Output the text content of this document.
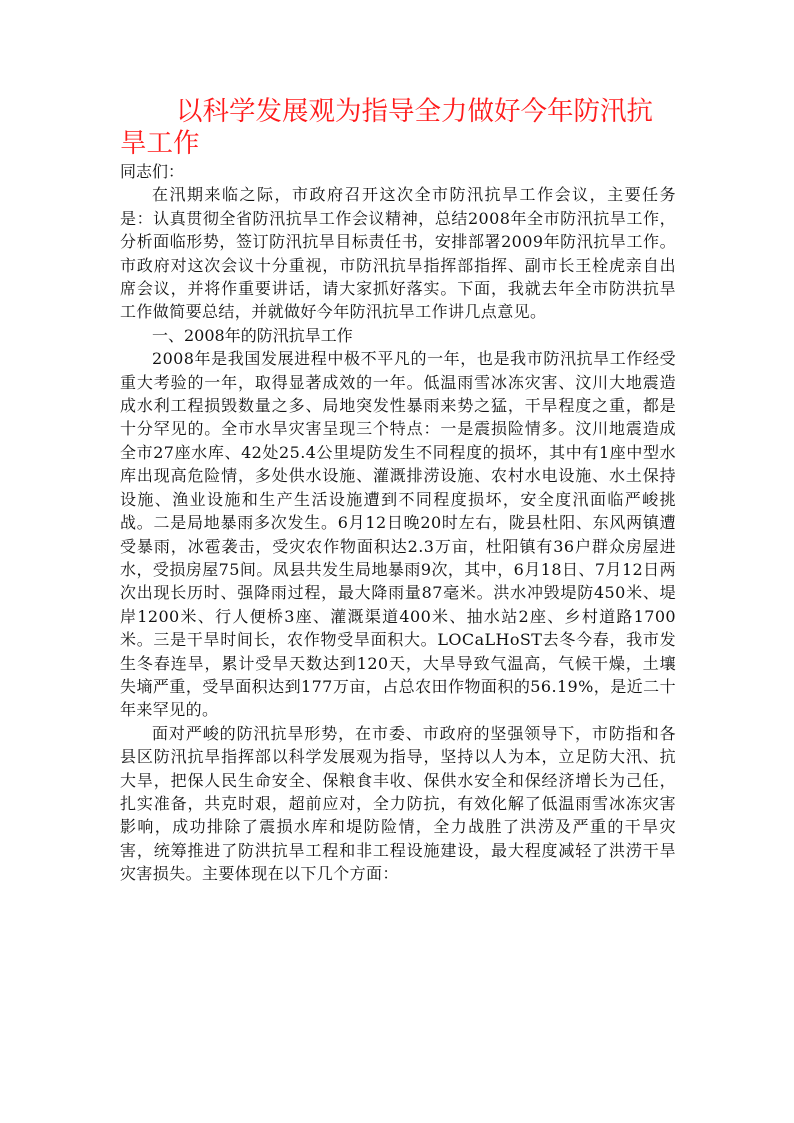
以科学发展观为指导全力做好今年防汛抗旱工作

同志们：

在汛期来临之际，市政府召开这次全市防汛抗旱工作会议，主要任务是：认真贯彻全省防汛抗旱工作会议精神，总结2008年全市防汛抗旱工作，分析面临形势，签订防汛抗旱目标责任书，安排部署2009年防汛抗旱工作。市政府对这次会议十分重视，市防汛抗旱指挥部指挥、副市长王栓虎亲自出席会议，并将作重要讲话，请大家抓好落实。下面，我就去年全市防洪抗旱工作做简要总结，并就做好今年防汛抗旱工作讲几点意见。

一、2008年的防汛抗旱工作

2008年是我国发展进程中极不平凡的一年，也是我市防汛抗旱工作经受重大考验的一年，取得显著成效的一年。低温雨雪冰冻灾害、汶川大地震造成水利工程损毁数量之多、局地突发性暴雨来势之猛，干旱程度之重，都是十分罕见的。全市水旱灾害呈现三个特点：一是震损险情多。汶川地震造成全市27座水库、42处25.4公里堤防发生不同程度的损坏，其中有1座中型水库出现高危险情，多处供水设施、灌溉排涝设施、农村水电设施、水土保持设施、渔业设施和生产生活设施遭到不同程度损坏，安全度汛面临严峻挑战。二是局地暴雨多次发生。6月12日晚20时左右，陇县杜阳、东风两镇遭受暴雨，冰雹袭击，受灾农作物面积达2.3万亩，杜阳镇有36户群众房屋进水，受损房屋75间。凤县共发生局地暴雨9次，其中，6月18日、7月12日两次出现长历时、强降雨过程，最大降雨量87毫米。洪水冲毁堤防450米、堤岸1200米、行人便桥3座、灌溉渠道400米、抽水站2座、乡村道路1700米。三是干旱时间长，农作物受旱面积大。LOCaLHoST去冬今春，我市发生冬春连旱，累计受旱天数达到120天，大旱导致气温高，气候干燥，土壤失墒严重，受旱面积达到177万亩，占总农田作物面积的56.19%，是近二十年来罕见的。

面对严峻的防汛抗旱形势，在市委、市政府的坚强领导下，市防指和各县区防汛抗旱指挥部以科学发展观为指导，坚持以人为本，立足防大汛、抗大旱，把保人民生命安全、保粮食丰收、保供水安全和保经济增长为己任，扎实准备，共克时艰，超前应对，全力防抗，有效化解了低温雨雪冰冻灾害影响，成功排除了震损水库和堤防险情，全力战胜了洪涝及严重的干旱灾害，统筹推进了防洪抗旱工程和非工程设施建设，最大程度减轻了洪涝干旱灾害损失。主要体现在以下几个方面：
